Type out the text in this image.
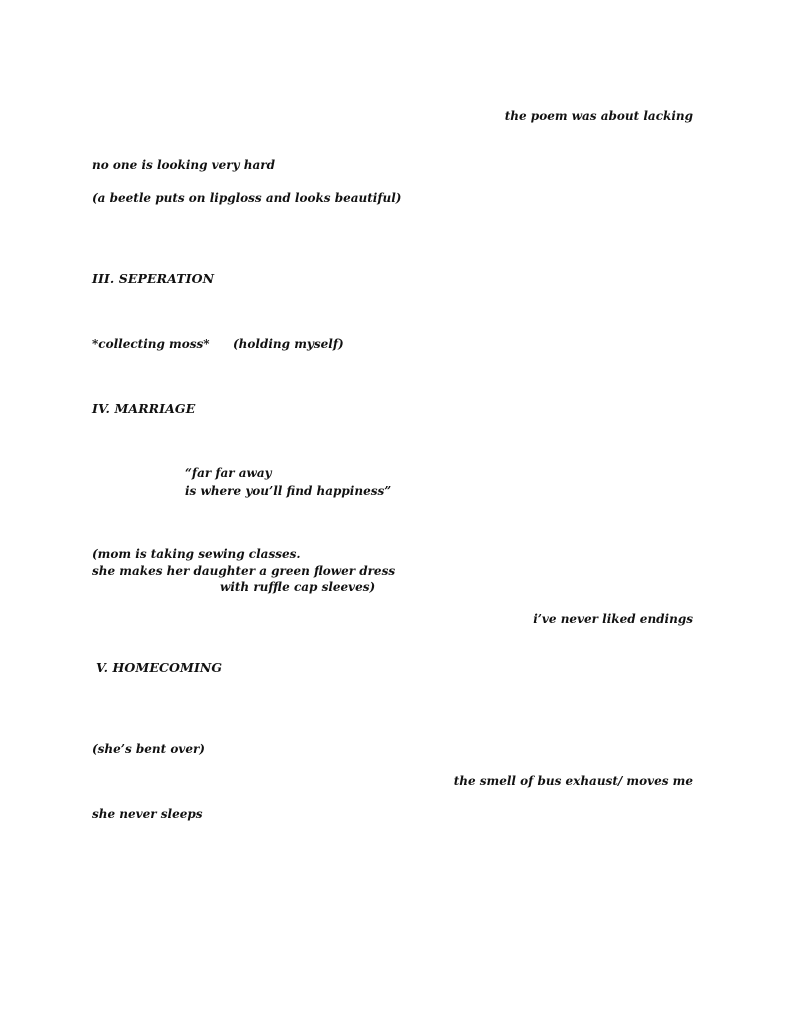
the poem was about lacking

no one is looking very hard

(a beetle puts on lipgloss and looks beautiful)

III. SEPERATION

*collecting moss* (holding myself)

IV. MARRIAGE

“far far away

is where you’ll find happiness”

(mom is taking sewing classes.

she makes her daughter a green flower dress

with ruffle cap sleeves)

i’ve never liked endings

V. HOMECOMING

(she’s bent over)

the smell of bus exhaust/ moves me

she never sleeps
